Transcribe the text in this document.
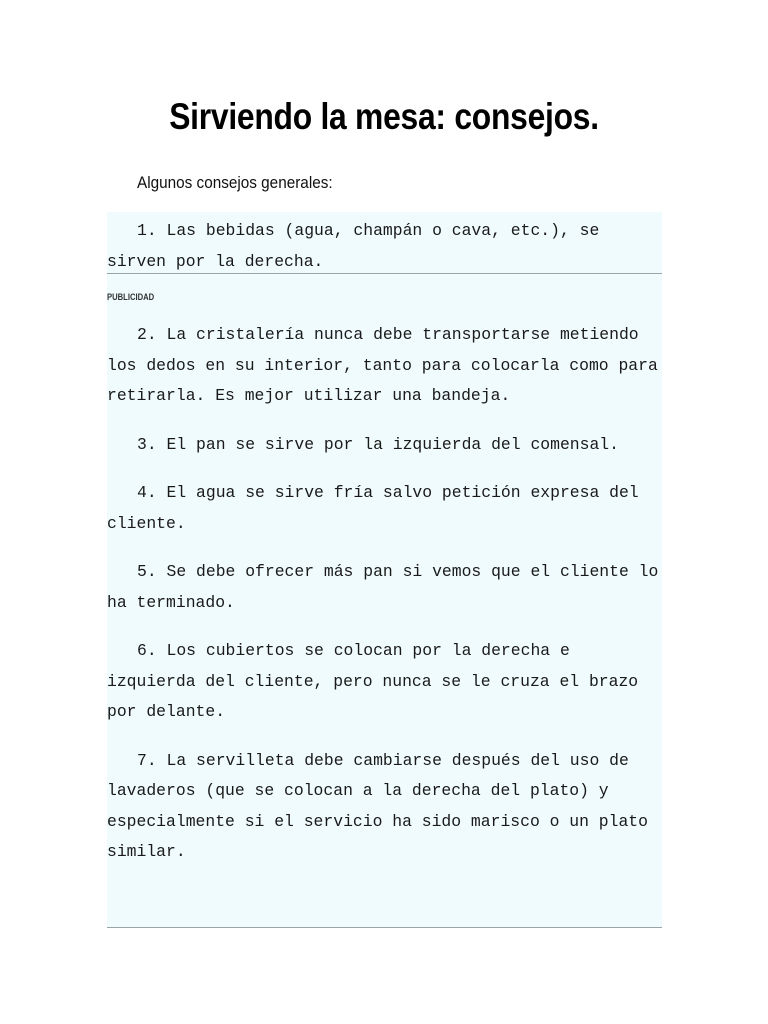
Sirviendo la mesa: consejos.

Algunos consejos generales:

1. Las bebidas (agua, champán o cava, etc.), se sirven por la derecha.

PUBLICIDAD

2. La cristalería nunca debe transportarse metiendo los dedos en su interior, tanto para colocarla como para retirarla. Es mejor utilizar una bandeja.

3. El pan se sirve por la izquierda del comensal.

4. El agua se sirve fría salvo petición expresa del cliente.

5. Se debe ofrecer más pan si vemos que el cliente lo ha terminado.

6. Los cubiertos se colocan por la derecha e izquierda del cliente, pero nunca se le cruza el brazo por delante.

7. La servilleta debe cambiarse después del uso de lavaderos (que se colocan a la derecha del plato) y especialmente si el servicio ha sido marisco o un plato similar.
